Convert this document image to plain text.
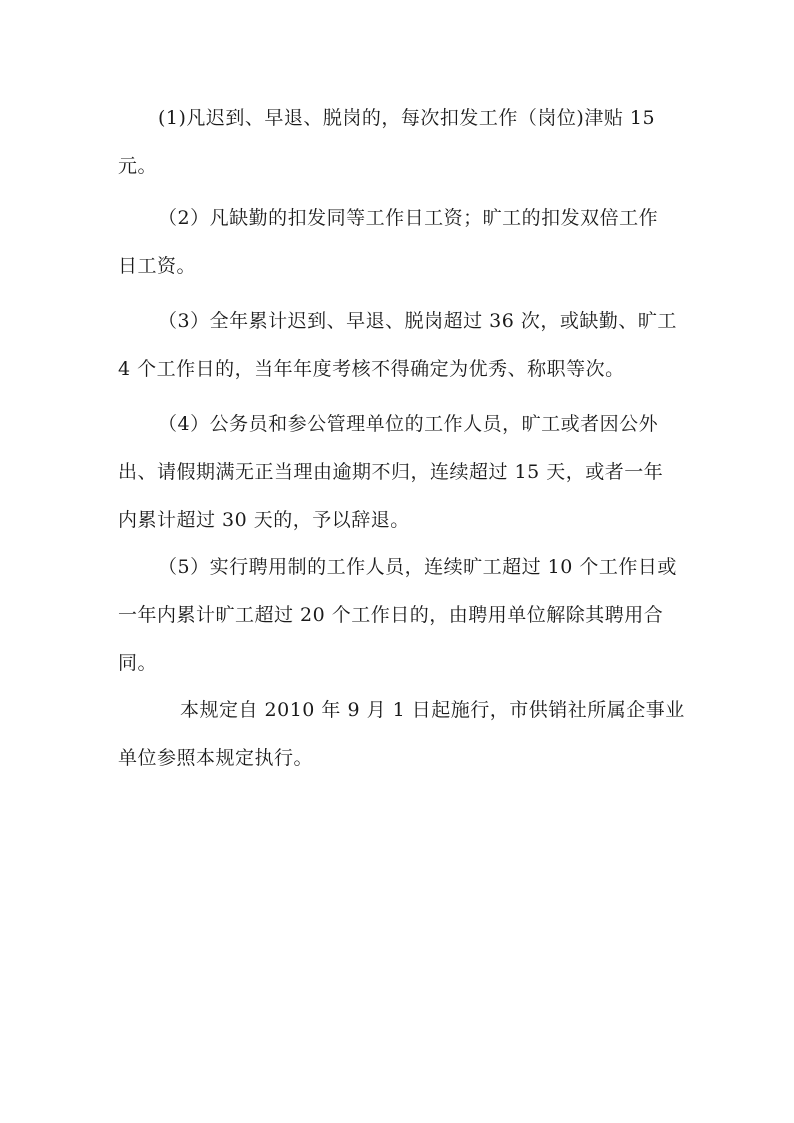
(1)凡迟到、早退、脱岗的，每次扣发工作（岗位)津贴 15

元。

（2）凡缺勤的扣发同等工作日工资；旷工的扣发双倍工作

日工资。

（3）全年累计迟到、早退、脱岗超过 36 次，或缺勤、旷工

4 个工作日的，当年年度考核不得确定为优秀、称职等次。

（4）公务员和参公管理单位的工作人员，旷工或者因公外

出、请假期满无正当理由逾期不归，连续超过 15 天，或者一年

内累计超过 30 天的，予以辞退。

（5）实行聘用制的工作人员，连续旷工超过 10 个工作日或

一年内累计旷工超过 20 个工作日的，由聘用单位解除其聘用合

同。

本规定自 2010 年 9 月 1 日起施行，市供销社所属企事业

单位参照本规定执行。
